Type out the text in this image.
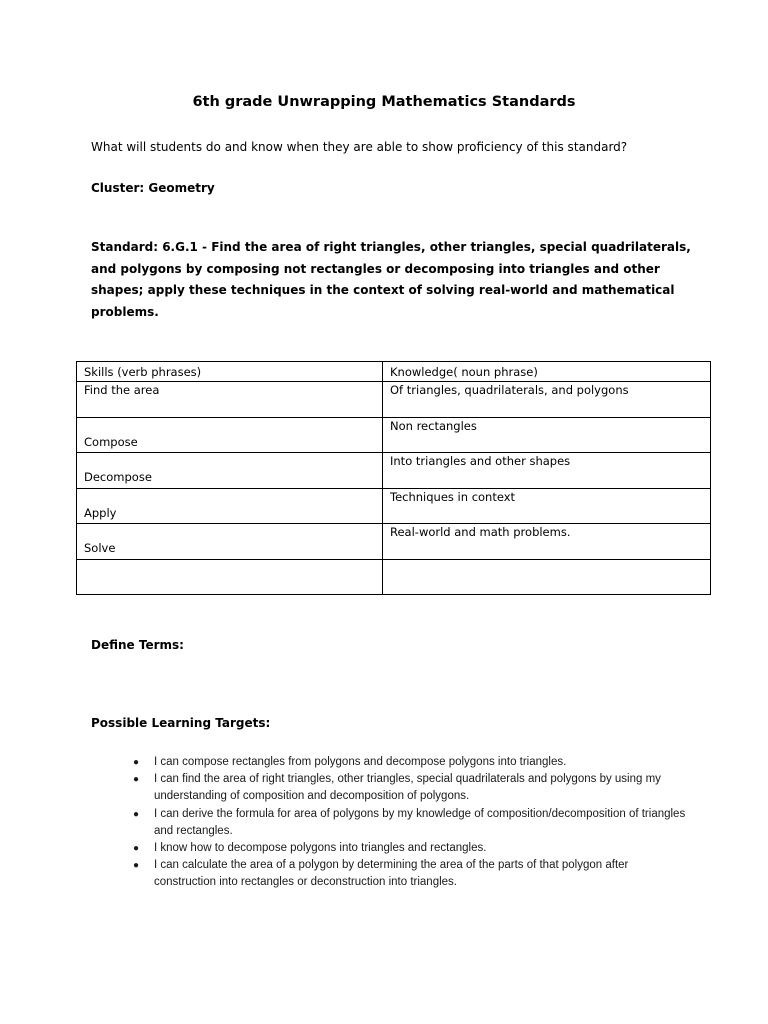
6th grade Unwrapping Mathematics Standards
What will students do and know when they are able to show proficiency of this standard?
Cluster: Geometry
Standard: 6.G.1 - Find the area of right triangles, other triangles, special quadrilaterals, and polygons by composing not rectangles or decomposing into triangles and other shapes; apply these techniques in the context of solving real-world and mathematical problems.
Skills (verb phrases)	Knowledge( noun phrase)

Find the area	Of triangles, quadrilaterals, and polygons

Compose	Non rectangles

Decompose	Into triangles and other shapes

Apply	Techniques in context

Solve	Real-world and math problems.

Define Terms:
Possible Learning Targets:
● I can compose rectangles from polygons and decompose polygons into triangles.
● I can find the area of right triangles, other triangles, special quadrilaterals and polygons by using my understanding of composition and decomposition of polygons.
● I can derive the formula for area of polygons by my knowledge of composition/decomposition of triangles and rectangles.
● I know how to decompose polygons into triangles and rectangles.
● I can calculate the area of a polygon by determining the area of the parts of that polygon after construction into rectangles or deconstruction into triangles.
